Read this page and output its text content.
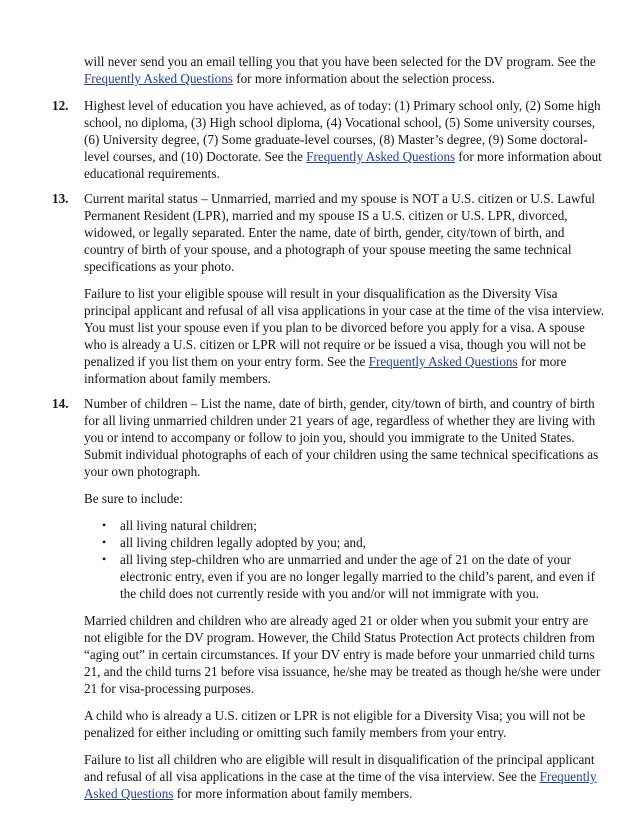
will never send you an email telling you that you have been selected for the DV program. See the
Frequently Asked Questions for more information about the selection process.
12. Highest level of education you have achieved, as of today: (1) Primary school only, (2) Some high
school, no diploma, (3) High school diploma, (4) Vocational school, (5) Some university courses,
(6) University degree, (7) Some graduate-level courses, (8) Master’s degree, (9) Some doctoral-
level courses, and (10) Doctorate. See the Frequently Asked Questions for more information about
educational requirements.
13. Current marital status – Unmarried, married and my spouse is NOT a U.S. citizen or U.S. Lawful
Permanent Resident (LPR), married and my spouse IS a U.S. citizen or U.S. LPR, divorced,
widowed, or legally separated. Enter the name, date of birth, gender, city/town of birth, and
country of birth of your spouse, and a photograph of your spouse meeting the same technical
specifications as your photo.
Failure to list your eligible spouse will result in your disqualification as the Diversity Visa
principal applicant and refusal of all visa applications in your case at the time of the visa interview.
You must list your spouse even if you plan to be divorced before you apply for a visa. A spouse
who is already a U.S. citizen or LPR will not require or be issued a visa, though you will not be
penalized if you list them on your entry form. See the Frequently Asked Questions for more
information about family members.
14. Number of children – List the name, date of birth, gender, city/town of birth, and country of birth
for all living unmarried children under 21 years of age, regardless of whether they are living with
you or intend to accompany or follow to join you, should you immigrate to the United States.
Submit individual photographs of each of your children using the same technical specifications as
your own photograph.
Be sure to include:
• all living natural children;
• all living children legally adopted by you; and,
• all living step-children who are unmarried and under the age of 21 on the date of your
electronic entry, even if you are no longer legally married to the child’s parent, and even if
the child does not currently reside with you and/or will not immigrate with you.
Married children and children who are already aged 21 or older when you submit your entry are
not eligible for the DV program. However, the Child Status Protection Act protects children from
“aging out” in certain circumstances. If your DV entry is made before your unmarried child turns
21, and the child turns 21 before visa issuance, he/she may be treated as though he/she were under
21 for visa-processing purposes.
A child who is already a U.S. citizen or LPR is not eligible for a Diversity Visa; you will not be
penalized for either including or omitting such family members from your entry.
Failure to list all children who are eligible will result in disqualification of the principal applicant
and refusal of all visa applications in the case at the time of the visa interview. See the Frequently
Asked Questions for more information about family members.
